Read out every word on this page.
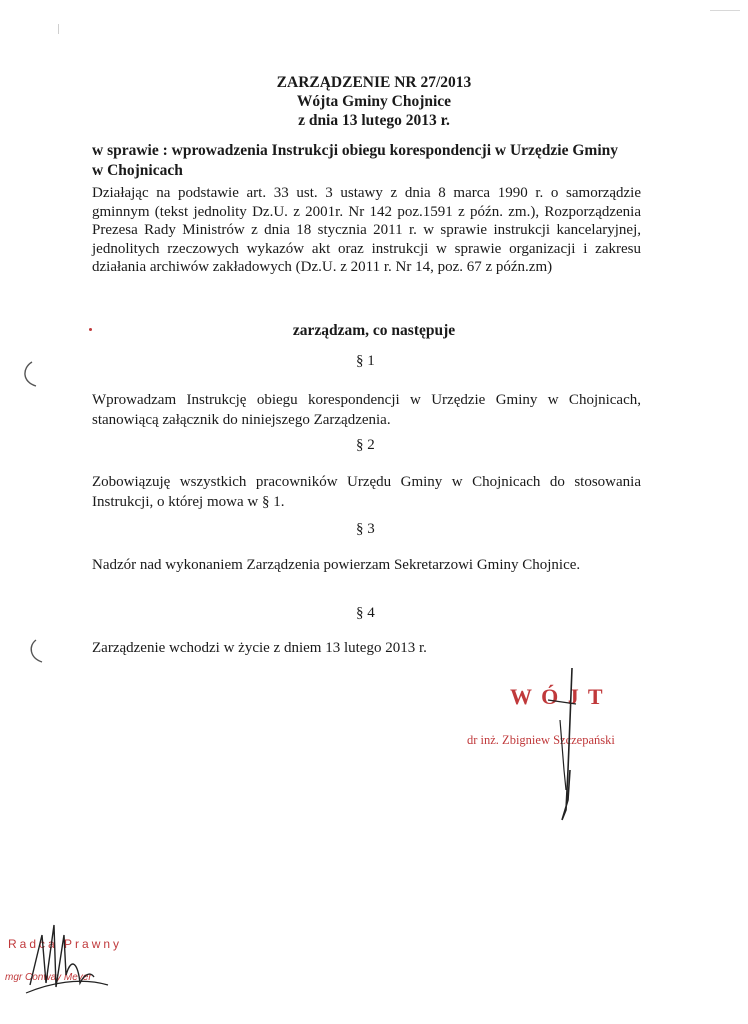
ZARZĄDZENIE NR 27/2013
Wójta Gminy Chojnice
z dnia 13 lutego 2013 r.
w sprawie : wprowadzenia Instrukcji obiegu korespondencji w Urzędzie Gminy w Chojnicach
Działając na podstawie art. 33 ust. 3 ustawy z dnia 8 marca 1990 r. o samorządzie gminnym (tekst jednolity Dz.U. z 2001r. Nr 142 poz.1591 z późn. zm.), Rozporządzenia Prezesa Rady Ministrów z dnia 18 stycznia 2011 r. w sprawie instrukcji kancelaryjnej, jednolitych rzeczowych wykazów akt oraz instrukcji w sprawie organizacji i zakresu działania archiwów zakładowych (Dz.U. z 2011 r. Nr 14, poz. 67 z późn.zm)
zarządzam, co następuje
§ 1
Wprowadzam Instrukcję obiegu korespondencji w Urzędzie Gminy w Chojnicach, stanowiącą załącznik do niniejszego Zarządzenia.
§ 2
Zobowiązuję wszystkich pracowników Urzędu Gminy w Chojnicach do stosowania Instrukcji, o której mowa w § 1.
§ 3
Nadzór nad wykonaniem Zarządzenia powierzam Sekretarzowi Gminy Chojnice.
§ 4
Zarządzenie wchodzi w życie z dniem 13 lutego 2013 r.
W Ó J T
dr inż. Zbigniew Szczepański
Radca Prawny
mgr Conway Meyer
